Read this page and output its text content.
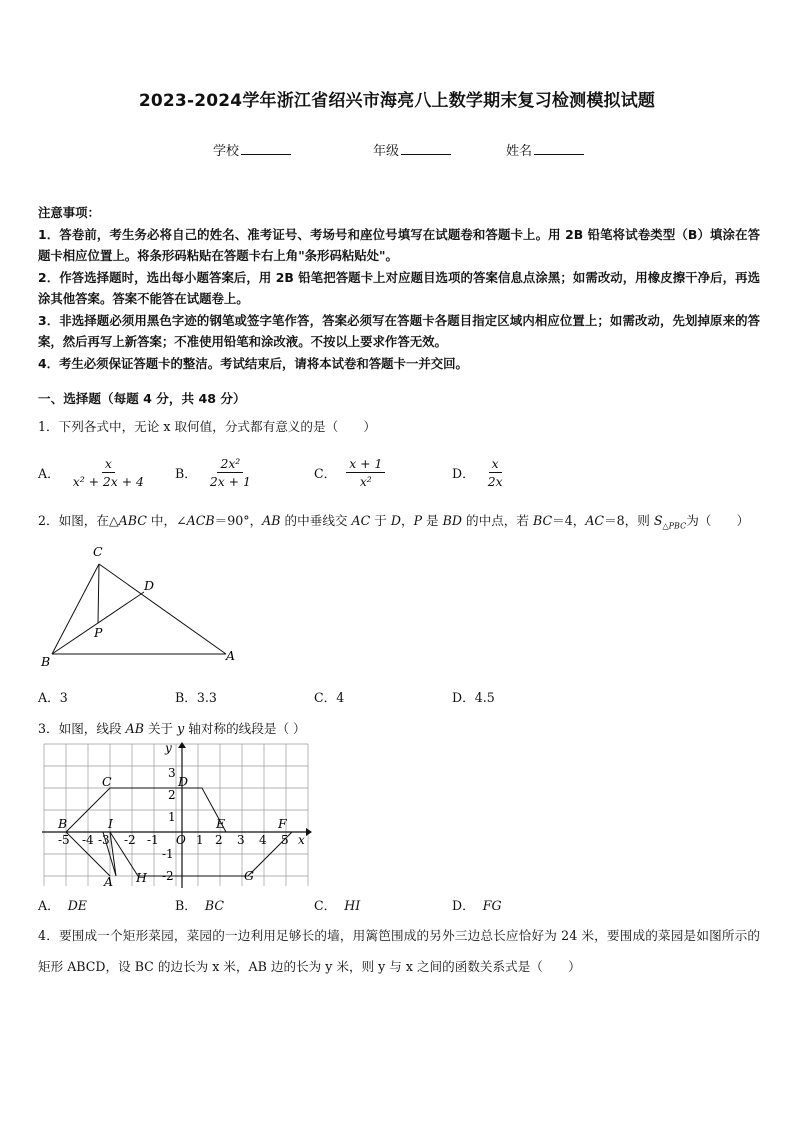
2023-2024学年浙江省绍兴市海亮八上数学期末复习检测模拟试题
学校	年级	姓名
注意事项：
1．答卷前，考生务必将自己的姓名、准考证号、考场号和座位号填写在试题卷和答题卡上。用 2B 铅笔将试卷类型（B）填涂在答题卡相应位置上。将条形码粘贴在答题卡右上角"条形码粘贴处"。
2．作答选择题时，选出每小题答案后，用 2B 铅笔把答题卡上对应题目选项的答案信息点涂黑；如需改动，用橡皮擦干净后，再选涂其他答案。答案不能答在试题卷上。
3．非选择题必须用黑色字迹的钢笔或签字笔作答，答案必须写在答题卡各题目指定区域内相应位置上；如需改动，先划掉原来的答案，然后再写上新答案；不准使用铅笔和涂改液。不按以上要求作答无效。
4．考生必须保证答题卡的整洁。考试结束后，请将本试卷和答题卡一并交回。
一、选择题（每题 4 分，共 48 分）
1．下列各式中，无论 x 取何值，分式都有意义的是（　　）
A． $\frac{x}{\text{x² + 2x + 4}}$ B． $\frac{\text{2x²}}{2x + 1}$	C． $\frac{x + 1}{\text{x²}}$	D． $\frac{x}{2x}$
2．如图，在△ABC 中，∠ACB＝90°，AB 的中垂线交 AC 于 D，P 是 BD 的中点，若 BC＝4，AC＝8，则 $S_{\triangle PBC}$为（　　）
C
D
P
B	A
A．3	B．3.3	C．4	D．4.5
3．如图，线段 AB 关于 y 轴对称的线段是（ ）
-5 -4 -3 -2 -1	1 2 3 4 5
3
2
1
-1
-2
x
y
O
A
B
C	D
E	F
G
H
I
A． DE	B． BC	C． HI	D． FG
4．要围成一个矩形菜园，菜园的一边利用足够长的墙，用篱笆围成的另外三边总长应恰好为 24 米，要围成的菜园是如图所示的矩形 ABCD，设 BC 的边长为 x 米，AB 边的长为 y 米，则 y 与 x 之间的函数关系式是（　　）
